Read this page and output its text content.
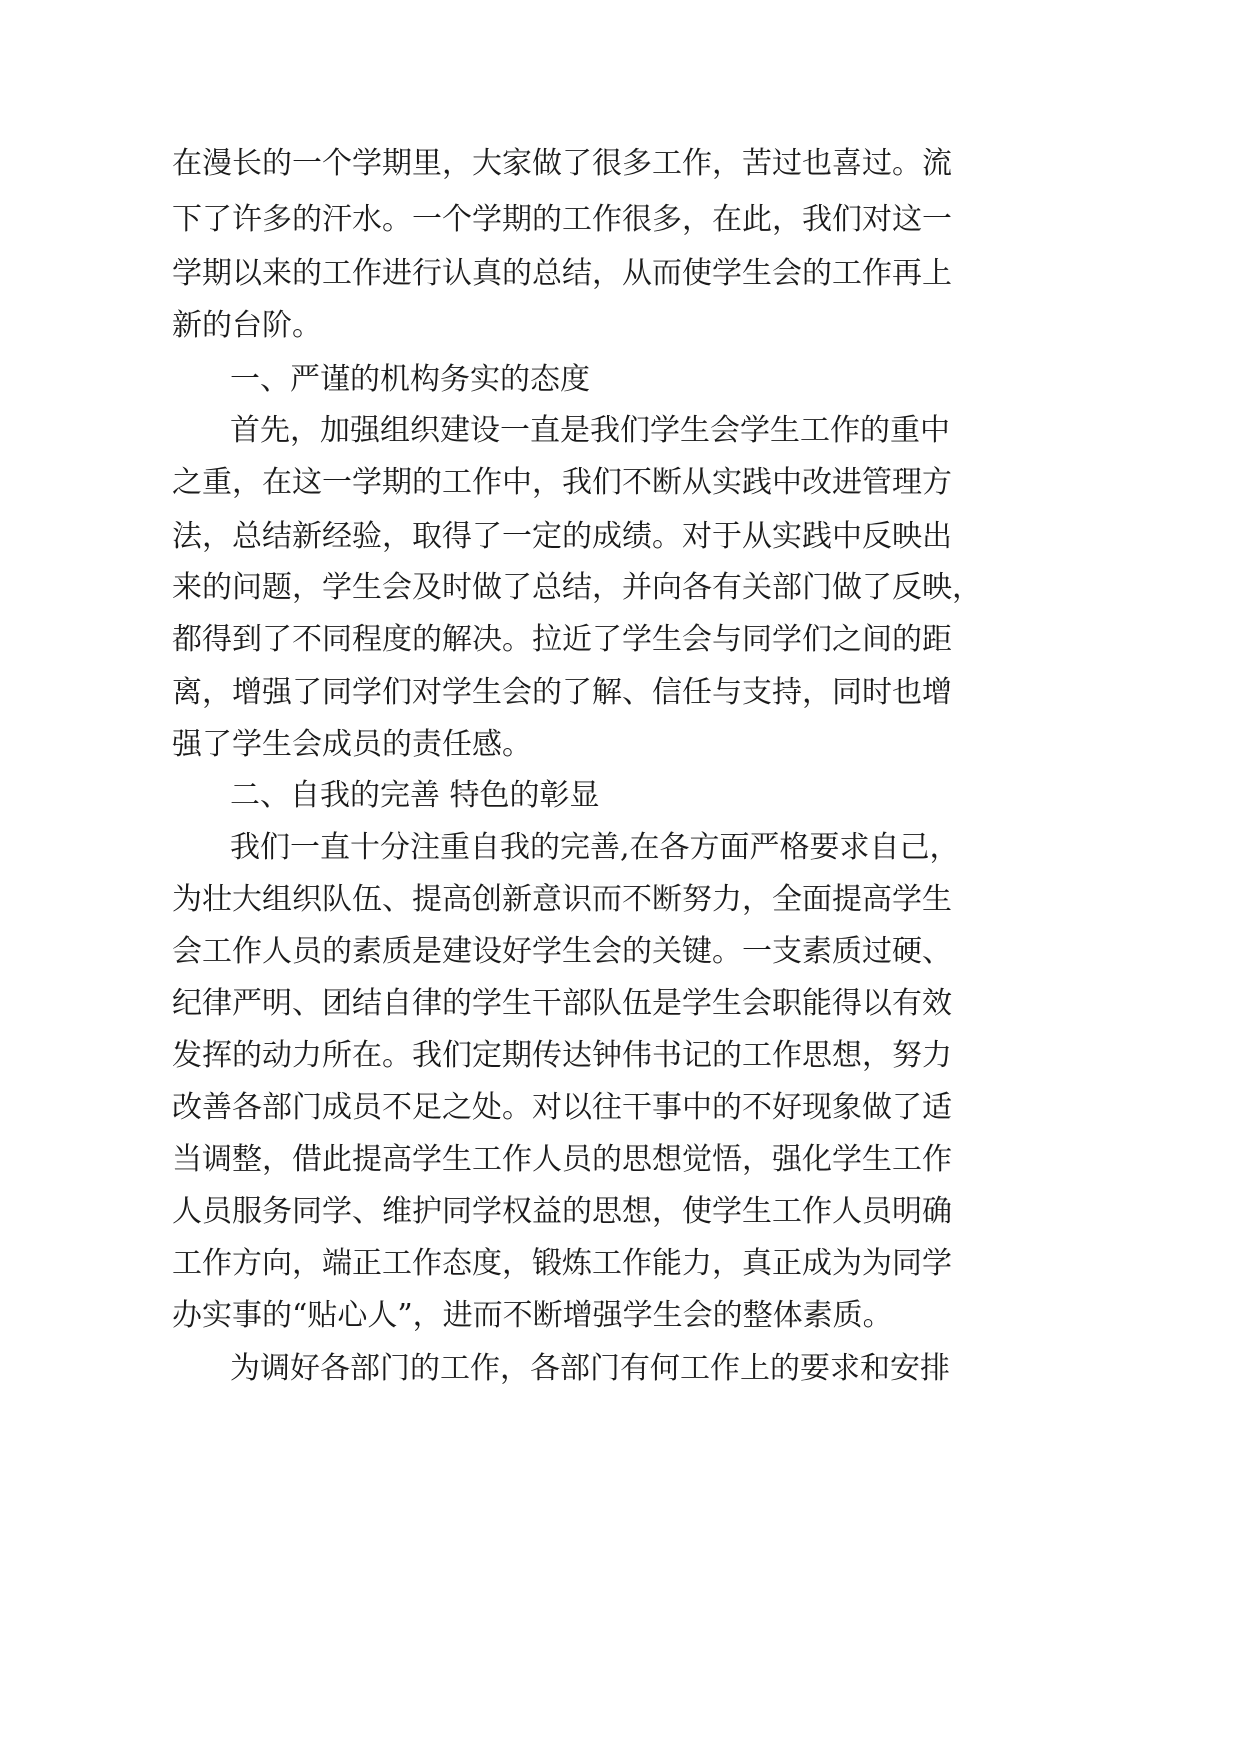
在漫长的一个学期里，大家做了很多工作，苦过也喜过。流
下了许多的汗水。一个学期的工作很多，在此，我们对这一
学期以来的工作进行认真的总结，从而使学生会的工作再上
新的台阶。
一、严谨的机构务实的态度
首先，加强组织建设一直是我们学生会学生工作的重中
之重，在这一学期的工作中，我们不断从实践中改进管理方
法，总结新经验，取得了一定的成绩。对于从实践中反映出
来的问题，学生会及时做了总结，并向各有关部门做了反映，
都得到了不同程度的解决。拉近了学生会与同学们之间的距
离，增强了同学们对学生会的了解、信任与支持，同时也增
强了学生会成员的责任感。
二、自我的完善 特色的彰显
我们一直十分注重自我的完善,在各方面严格要求自己，
为壮大组织队伍、提高创新意识而不断努力，全面提高学生
会工作人员的素质是建设好学生会的关键。一支素质过硬、
纪律严明、团结自律的学生干部队伍是学生会职能得以有效
发挥的动力所在。我们定期传达钟伟书记的工作思想，努力
改善各部门成员不足之处。对以往干事中的不好现象做了适
当调整，借此提高学生工作人员的思想觉悟，强化学生工作
人员服务同学、维护同学权益的思想，使学生工作人员明确
工作方向，端正工作态度，锻炼工作能力，真正成为为同学
办实事的“贴心人”，进而不断增强学生会的整体素质。
为调好各部门的工作，各部门有何工作上的要求和安排
